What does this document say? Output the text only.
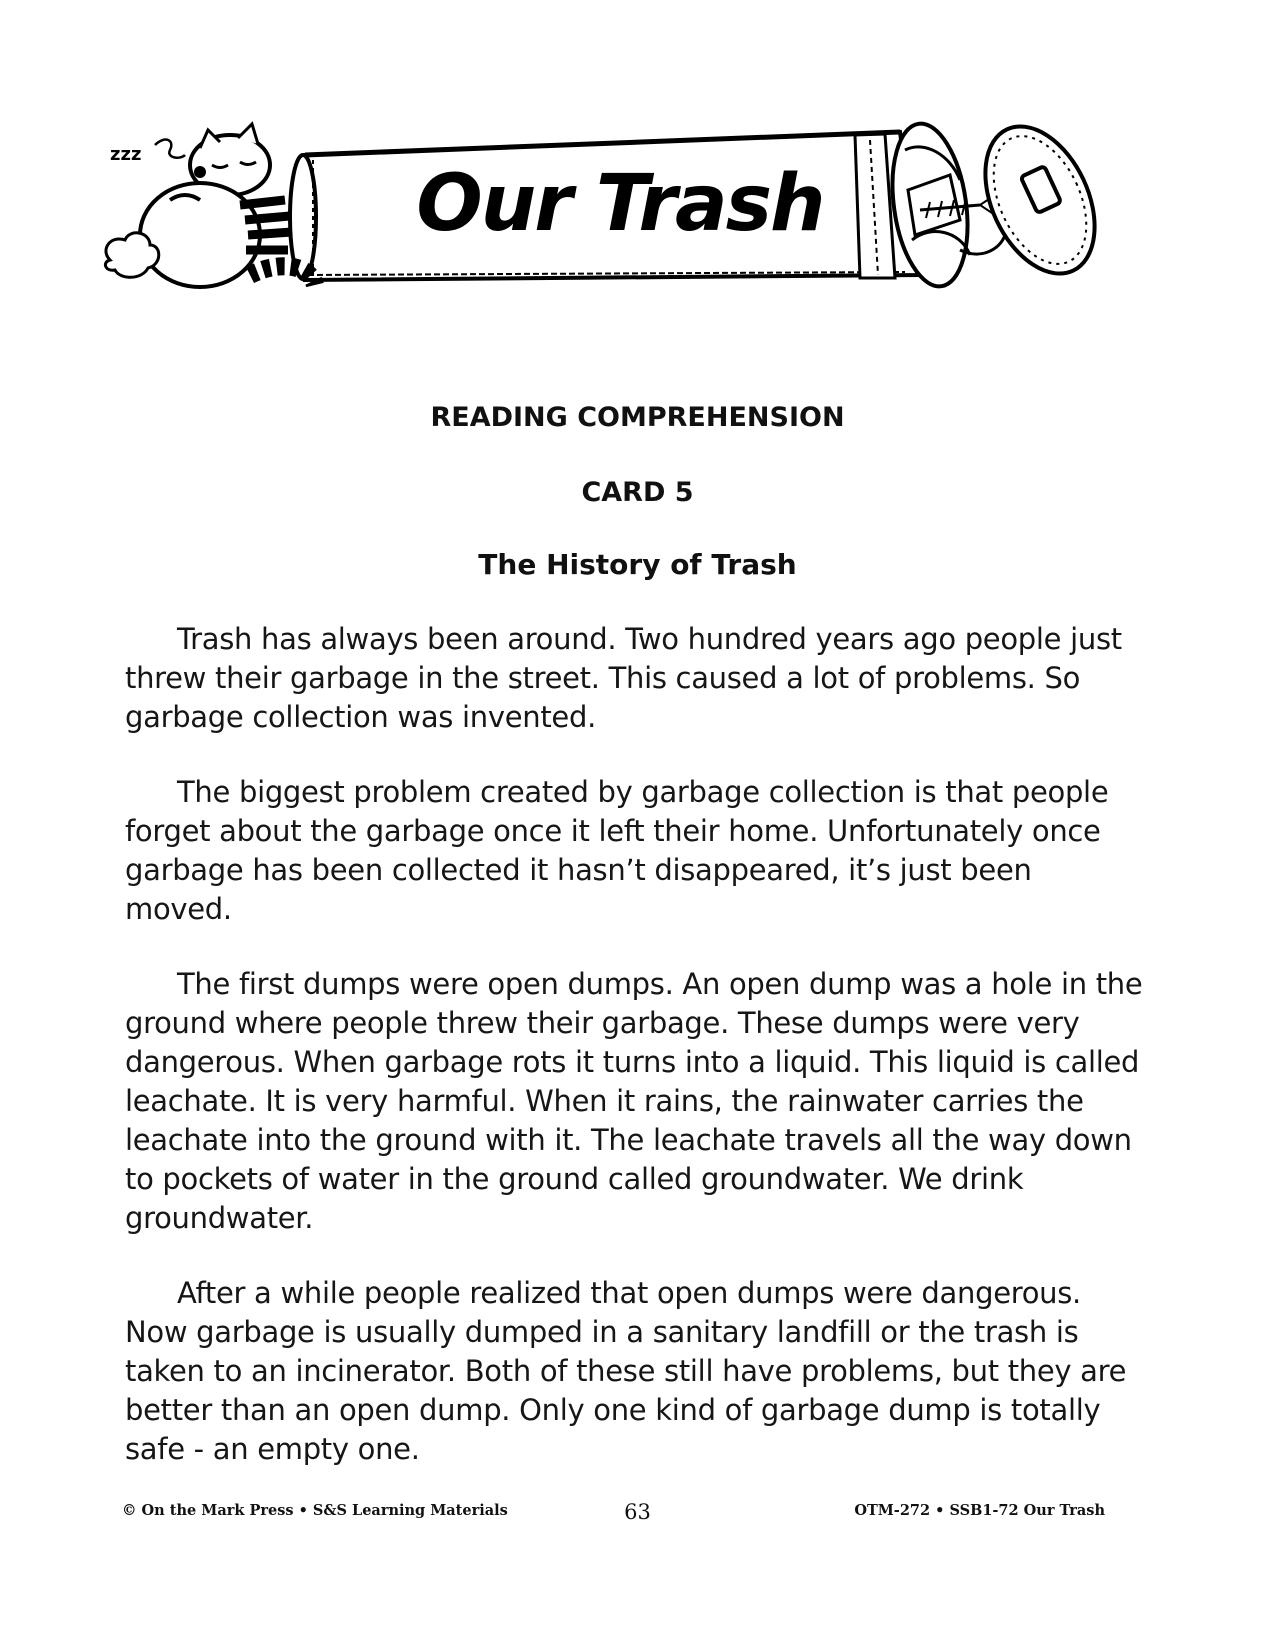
zzz
Our Trash
READING COMPREHENSION
CARD 5
The History of Trash

Trash has always been around. Two hundred years ago people just threw their garbage in the street. This caused a lot of problems. So garbage collection was invented.

The biggest problem created by garbage collection is that people forget about the garbage once it left their home. Unfortunately once garbage has been collected it hasn’t disappeared, it’s just been moved.

The first dumps were open dumps. An open dump was a hole in the ground where people threw their garbage. These dumps were very dangerous. When garbage rots it turns into a liquid. This liquid is called leachate. It is very harmful. When it rains, the rainwater carries the leachate into the ground with it. The leachate travels all the way down to pockets of water in the ground called groundwater. We drink groundwater.

After a while people realized that open dumps were dangerous. Now garbage is usually dumped in a sanitary landfill or the trash is taken to an incinerator. Both of these still have problems, but they are better than an open dump. Only one kind of garbage dump is totally safe - an empty one.

© On the Mark Press • S&S Learning Materials	63	OTM-272 • SSB1-72 Our Trash
